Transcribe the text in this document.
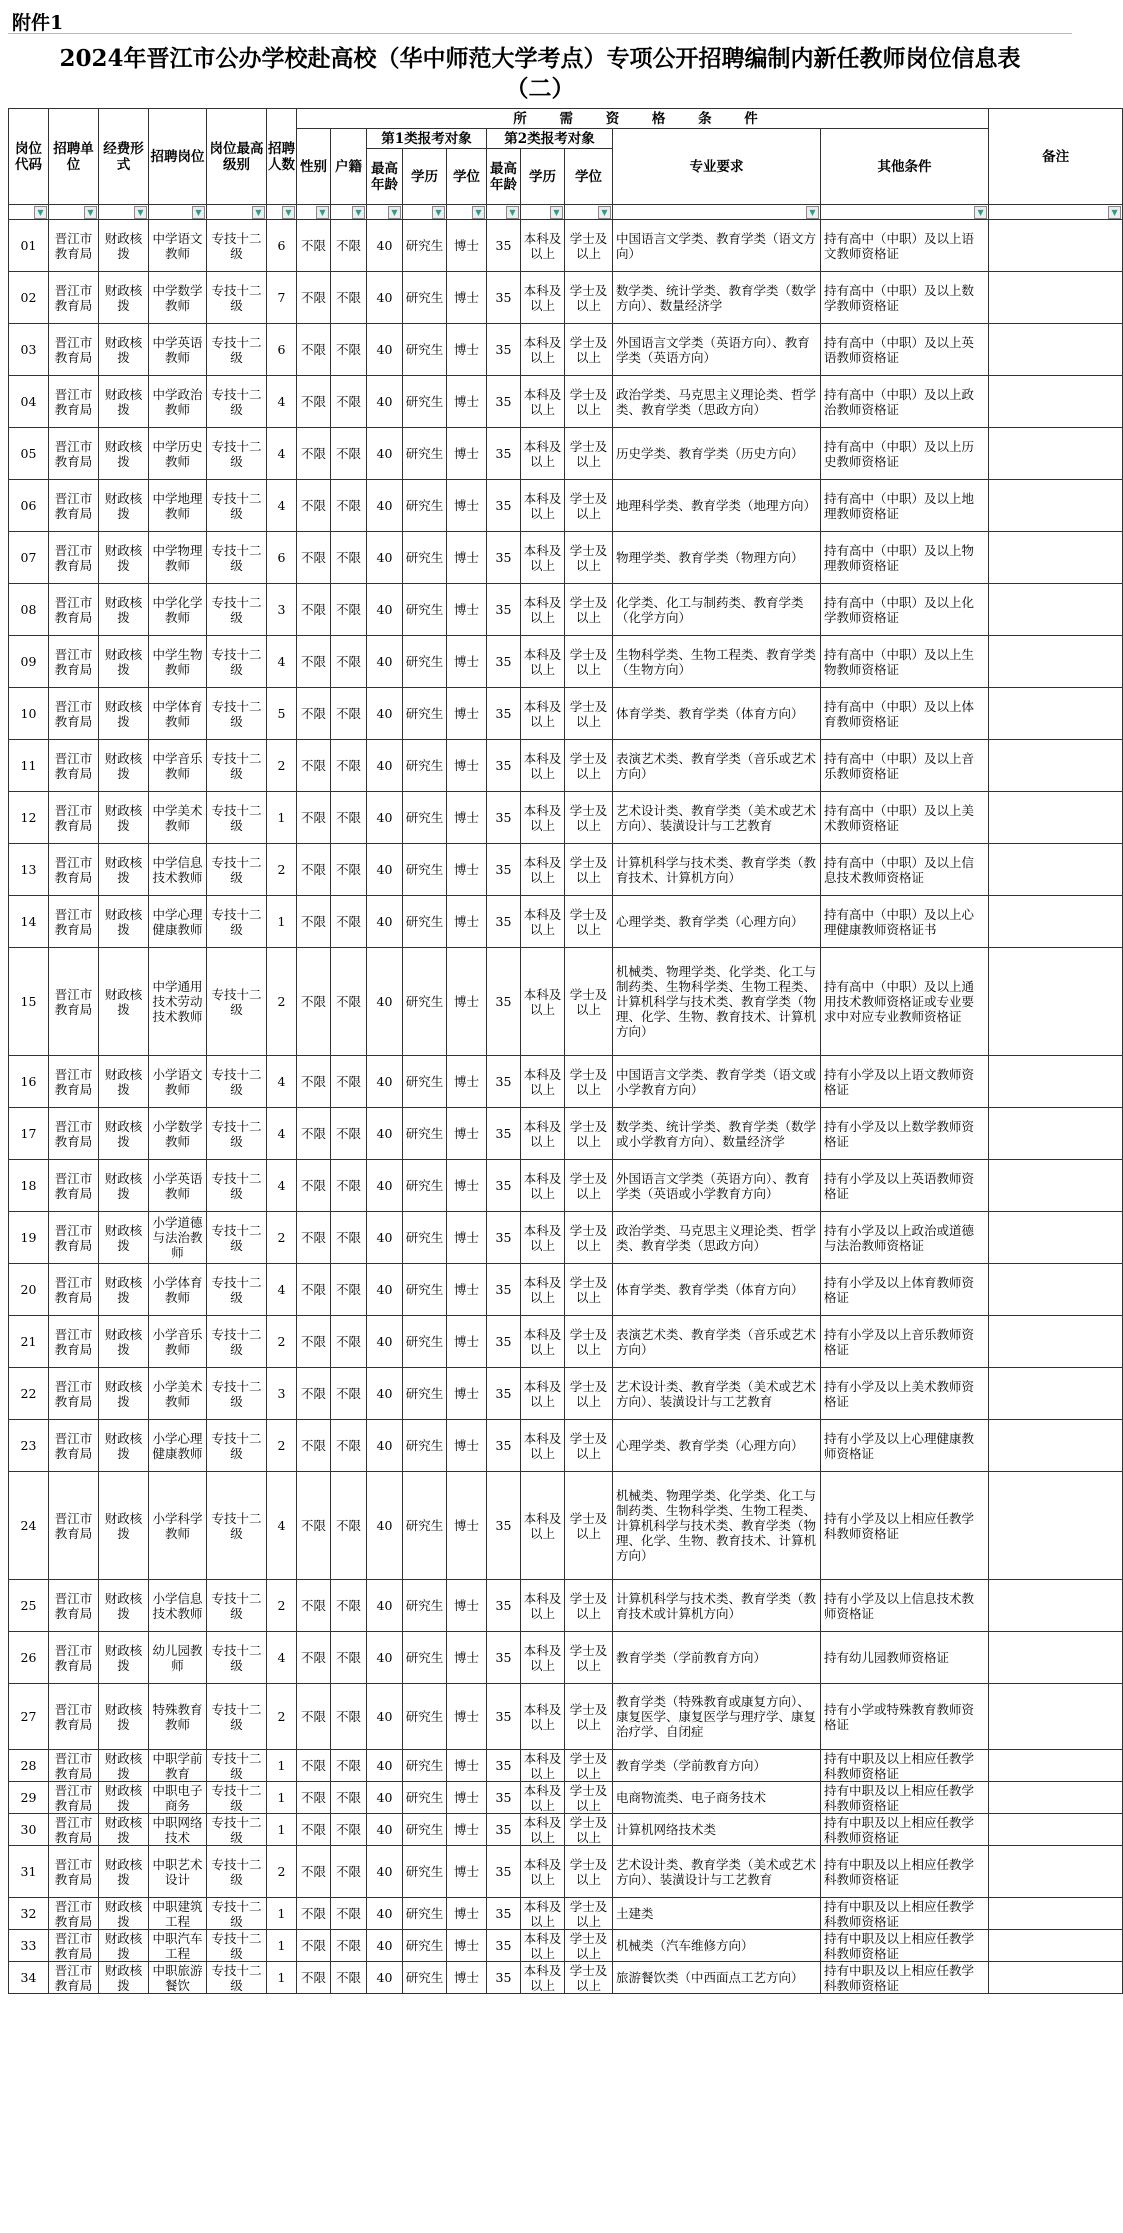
附件1
2024年晋江市公办学校赴高校（华中师范大学考点）专项公开招聘编制内新任教师岗位信息表
（二）
岗位代码	招聘单位	经费形式	招聘岗位	岗位最高级别	招聘人数	所 需 资 格 条 件										备注
						性别	户籍	第1类报考对象			第2类报考对象			专业要求	其他条件	
								最高年龄	学历	学位	最高年龄	学历	学位			

▼	▼	▼	▼	▼	▼	▼	▼	▼	▼	▼	▼	▼	▼	▼	▼	▼

01	晋江市教育局	财政核拨	中学语文教师	专技十二级	6	不限	不限	40	研究生	博士	35	本科及以上	学士及以上	中国语言文学类、教育学类（语文方向）	持有高中（中职）及以上语文教师资格证	
02	晋江市教育局	财政核拨	中学数学教师	专技十二级	7	不限	不限	40	研究生	博士	35	本科及以上	学士及以上	数学类、统计学类、教育学类（数学方向）、数量经济学	持有高中（中职）及以上数学教师资格证	
03	晋江市教育局	财政核拨	中学英语教师	专技十二级	6	不限	不限	40	研究生	博士	35	本科及以上	学士及以上	外国语言文学类（英语方向）、教育学类（英语方向）	持有高中（中职）及以上英语教师资格证	
04	晋江市教育局	财政核拨	中学政治教师	专技十二级	4	不限	不限	40	研究生	博士	35	本科及以上	学士及以上	政治学类、马克思主义理论类、哲学类、教育学类（思政方向）	持有高中（中职）及以上政治教师资格证	
05	晋江市教育局	财政核拨	中学历史教师	专技十二级	4	不限	不限	40	研究生	博士	35	本科及以上	学士及以上	历史学类、教育学类（历史方向）	持有高中（中职）及以上历史教师资格证	
06	晋江市教育局	财政核拨	中学地理教师	专技十二级	4	不限	不限	40	研究生	博士	35	本科及以上	学士及以上	地理科学类、教育学类（地理方向）	持有高中（中职）及以上地理教师资格证	
07	晋江市教育局	财政核拨	中学物理教师	专技十二级	6	不限	不限	40	研究生	博士	35	本科及以上	学士及以上	物理学类、教育学类（物理方向）	持有高中（中职）及以上物理教师资格证	
08	晋江市教育局	财政核拨	中学化学教师	专技十二级	3	不限	不限	40	研究生	博士	35	本科及以上	学士及以上	化学类、化工与制药类、教育学类（化学方向）	持有高中（中职）及以上化学教师资格证	
09	晋江市教育局	财政核拨	中学生物教师	专技十二级	4	不限	不限	40	研究生	博士	35	本科及以上	学士及以上	生物科学类、生物工程类、教育学类（生物方向）	持有高中（中职）及以上生物教师资格证	
10	晋江市教育局	财政核拨	中学体育教师	专技十二级	5	不限	不限	40	研究生	博士	35	本科及以上	学士及以上	体育学类、教育学类（体育方向）	持有高中（中职）及以上体育教师资格证	
11	晋江市教育局	财政核拨	中学音乐教师	专技十二级	2	不限	不限	40	研究生	博士	35	本科及以上	学士及以上	表演艺术类、教育学类（音乐或艺术方向）	持有高中（中职）及以上音乐教师资格证	
12	晋江市教育局	财政核拨	中学美术教师	专技十二级	1	不限	不限	40	研究生	博士	35	本科及以上	学士及以上	艺术设计类、教育学类（美术或艺术方向）、装潢设计与工艺教育	持有高中（中职）及以上美术教师资格证	
13	晋江市教育局	财政核拨	中学信息技术教师	专技十二级	2	不限	不限	40	研究生	博士	35	本科及以上	学士及以上	计算机科学与技术类、教育学类（教育技术、计算机方向）	持有高中（中职）及以上信息技术教师资格证	
14	晋江市教育局	财政核拨	中学心理健康教师	专技十二级	1	不限	不限	40	研究生	博士	35	本科及以上	学士及以上	心理学类、教育学类（心理方向）	持有高中（中职）及以上心理健康教师资格证书	
15	晋江市教育局	财政核拨	中学通用技术劳动技术教师	专技十二级	2	不限	不限	40	研究生	博士	35	本科及以上	学士及以上	机械类、物理学类、化学类、化工与制药类、生物科学类、生物工程类、计算机科学与技术类、教育学类（物理、化学、生物、教育技术、计算机方向）	持有高中（中职）及以上通用技术教师资格证或专业要求中对应专业教师资格证	
16	晋江市教育局	财政核拨	小学语文教师	专技十二级	4	不限	不限	40	研究生	博士	35	本科及以上	学士及以上	中国语言文学类、教育学类（语文或小学教育方向）	持有小学及以上语文教师资格证	
17	晋江市教育局	财政核拨	小学数学教师	专技十二级	4	不限	不限	40	研究生	博士	35	本科及以上	学士及以上	数学类、统计学类、教育学类（数学或小学教育方向）、数量经济学	持有小学及以上数学教师资格证	
18	晋江市教育局	财政核拨	小学英语教师	专技十二级	4	不限	不限	40	研究生	博士	35	本科及以上	学士及以上	外国语言文学类（英语方向）、教育学类（英语或小学教育方向）	持有小学及以上英语教师资格证	
19	晋江市教育局	财政核拨	小学道德与法治教师	专技十二级	2	不限	不限	40	研究生	博士	35	本科及以上	学士及以上	政治学类、马克思主义理论类、哲学类、教育学类（思政方向）	持有小学及以上政治或道德与法治教师资格证	
20	晋江市教育局	财政核拨	小学体育教师	专技十二级	4	不限	不限	40	研究生	博士	35	本科及以上	学士及以上	体育学类、教育学类（体育方向）	持有小学及以上体育教师资格证	
21	晋江市教育局	财政核拨	小学音乐教师	专技十二级	2	不限	不限	40	研究生	博士	35	本科及以上	学士及以上	表演艺术类、教育学类（音乐或艺术方向）	持有小学及以上音乐教师资格证	
22	晋江市教育局	财政核拨	小学美术教师	专技十二级	3	不限	不限	40	研究生	博士	35	本科及以上	学士及以上	艺术设计类、教育学类（美术或艺术方向）、装潢设计与工艺教育	持有小学及以上美术教师资格证	
23	晋江市教育局	财政核拨	小学心理健康教师	专技十二级	2	不限	不限	40	研究生	博士	35	本科及以上	学士及以上	心理学类、教育学类（心理方向）	持有小学及以上心理健康教师资格证	
24	晋江市教育局	财政核拨	小学科学教师	专技十二级	4	不限	不限	40	研究生	博士	35	本科及以上	学士及以上	机械类、物理学类、化学类、化工与制药类、生物科学类、生物工程类、计算机科学与技术类、教育学类（物理、化学、生物、教育技术、计算机方向）	持有小学及以上相应任教学科教师资格证	
25	晋江市教育局	财政核拨	小学信息技术教师	专技十二级	2	不限	不限	40	研究生	博士	35	本科及以上	学士及以上	计算机科学与技术类、教育学类（教育技术或计算机方向）	持有小学及以上信息技术教师资格证	
26	晋江市教育局	财政核拨	幼儿园教师	专技十二级	4	不限	不限	40	研究生	博士	35	本科及以上	学士及以上	教育学类（学前教育方向）	持有幼儿园教师资格证	
27	晋江市教育局	财政核拨	特殊教育教师	专技十二级	2	不限	不限	40	研究生	博士	35	本科及以上	学士及以上	教育学类（特殊教育或康复方向）、康复医学、康复医学与理疗学、康复治疗学、自闭症	持有小学或特殊教育教师资格证	
28	晋江市教育局	财政核拨	中职学前教育	专技十二级	1	不限	不限	40	研究生	博士	35	本科及以上	学士及以上	教育学类（学前教育方向）	持有中职及以上相应任教学科教师资格证	
29	晋江市教育局	财政核拨	中职电子商务	专技十二级	1	不限	不限	40	研究生	博士	35	本科及以上	学士及以上	电商物流类、电子商务技术	持有中职及以上相应任教学科教师资格证	
30	晋江市教育局	财政核拨	中职网络技术	专技十二级	1	不限	不限	40	研究生	博士	35	本科及以上	学士及以上	计算机网络技术类	持有中职及以上相应任教学科教师资格证	
31	晋江市教育局	财政核拨	中职艺术设计	专技十二级	2	不限	不限	40	研究生	博士	35	本科及以上	学士及以上	艺术设计类、教育学类（美术或艺术方向）、装潢设计与工艺教育	持有中职及以上相应任教学科教师资格证	
32	晋江市教育局	财政核拨	中职建筑工程	专技十二级	1	不限	不限	40	研究生	博士	35	本科及以上	学士及以上	土建类	持有中职及以上相应任教学科教师资格证	
33	晋江市教育局	财政核拨	中职汽车工程	专技十二级	1	不限	不限	40	研究生	博士	35	本科及以上	学士及以上	机械类（汽车维修方向）	持有中职及以上相应任教学科教师资格证	
34	晋江市教育局	财政核拨	中职旅游餐饮	专技十二级	1	不限	不限	40	研究生	博士	35	本科及以上	学士及以上	旅游餐饮类（中西面点工艺方向）	持有中职及以上相应任教学科教师资格证	
